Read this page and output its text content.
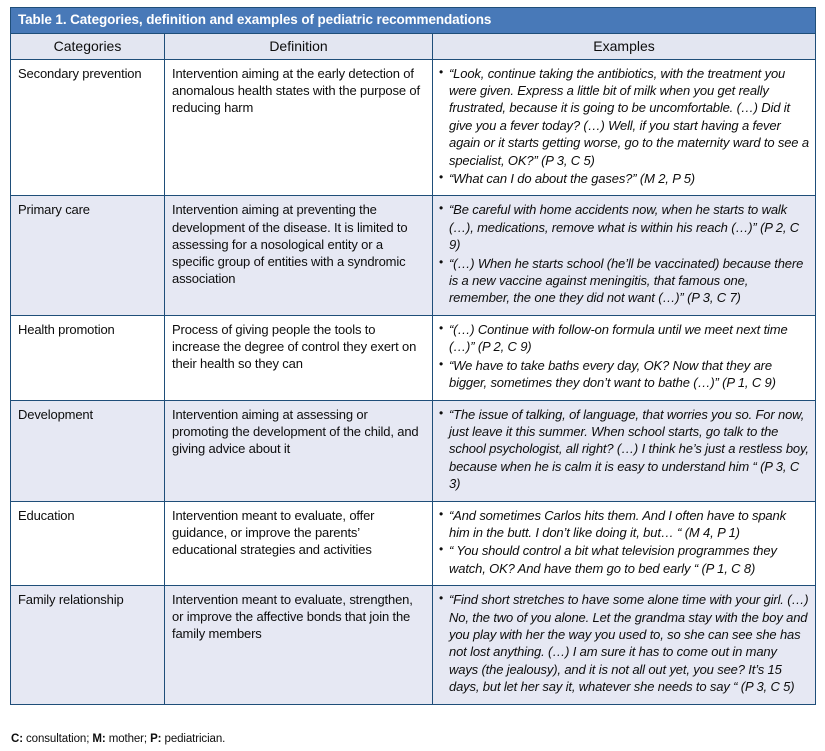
Table 1. Categories, definition and examples of pediatric recommendations		
Categories	Definition	Examples
Secondary prevention	Intervention aiming at the early detection of anomalous health states with the purpose of reducing harm	
• “Look, continue taking the antibiotics, with the treatment you were given. Express a little bit of milk when you get really frustrated, because it is going to be uncomfortable. (…) Did it give you a fever today? (…) Well, if you start having a fever again or it starts getting worse, go to the maternity ward to see a specialist, OK?” (P 3, C 5)
• “What can I do about the gases?” (M 2, P 5)

Primary care	Intervention aiming at preventing the development of the disease. It is limited to assessing for a nosological entity or a specific group of entities with a syndromic association	
• “Be careful with home accidents now, when he starts to walk (…), medications, remove what is within his reach (…)” (P 2, C 9)
• “(…) When he starts school (he’ll be vaccinated) because there is a new vaccine against meningitis, that famous one, remember, the one they did not want (…)” (P 3, C 7)

Health promotion	Process of giving people the tools to increase the degree of control they exert on their health so they can	
• “(…) Continue with follow-on formula until we meet next time (…)” (P 2, C 9)
• “We have to take baths every day, OK? Now that they are bigger, sometimes they don’t want to bathe (…)” (P 1, C 9)

Development	Intervention aiming at assessing or promoting the development of the child, and giving advice about it	
• “The issue of talking, of language, that worries you so. For now, just leave it this summer. When school starts, go talk to the school psychologist, all right? (…) I think he’s just a restless boy, because when he is calm it is easy to understand him “ (P 3, C 3)

Education	Intervention meant to evaluate, offer guidance, or improve the parents’ educational strategies and activities	
• “And sometimes Carlos hits them. And I often have to spank him in the butt. I don’t like doing it, but… “ (M 4, P 1)
• “ You should control a bit what television programmes they watch, OK? And have them go to bed early “ (P 1, C 8)

Family relationship	Intervention meant to evaluate, strengthen, or improve the affective bonds that join the family members	
• “Find short stretches to have some alone time with your girl. (…) No, the two of you alone. Let the grandma stay with the boy and you play with her the way you used to, so she can see she has not lost anything. (…) I am sure it has to come out in many ways (the jealousy), and it is not all out yet, you see? It’s 15 days, but let her say it, whatever she needs to say “ (P 3, C 5)
C: consultation; M: mother; P: pediatrician.
